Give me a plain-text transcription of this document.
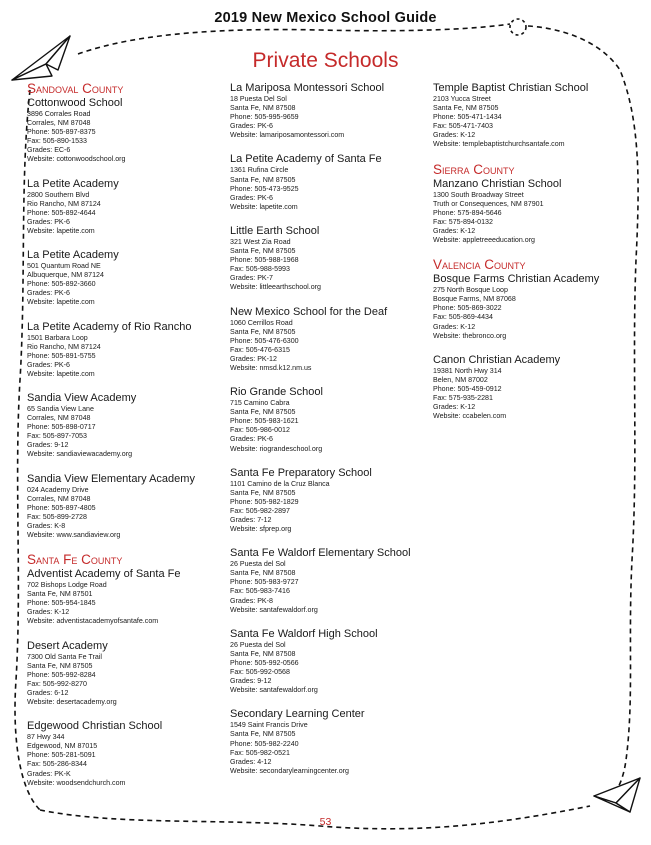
2019 New Mexico School Guide
Private Schools
Sandoval County
Cottonwood School
3896 Corrales Road
Corrales, NM 87048
Phone: 505-897-8375
Fax: 505-890-1533
Grades: EC-6
Website: cottonwoodschool.org
La Petite Academy
2800 Southern Blvd
Rio Rancho, NM 87124
Phone: 505-892-4644
Grades: PK-6
Website: lapetite.com
La Petite Academy
501 Quantum Road NE
Albuquerque, NM 87124
Phone: 505-892-3660
Grades: PK-6
Website: lapetite.com
La Petite Academy of Rio Rancho
1501 Barbara Loop
Rio Rancho, NM 87124
Phone: 505-891-5755
Grades: PK-6
Website: lapetite.com
Sandia View Academy
65 Sandia View Lane
Corrales, NM 87048
Phone: 505-898-0717
Fax: 505-897-7053
Grades: 9-12
Website: sandiaviewacademy.org
Sandia View Elementary Academy
024 Academy Drive
Corrales, NM 87048
Phone: 505-897-4805
Fax: 505-899-2728
Grades: K-8
Website: www.sandiaview.org
Santa Fe County
Adventist Academy of Santa Fe
702 Bishops Lodge Road
Santa Fe, NM 87501
Phone: 505-954-1845
Grades: K-12
Website: adventistacademyofsantafe.com
Desert Academy
7300 Old Santa Fe Trail
Santa Fe, NM 87505
Phone: 505-992-8284
Fax: 505-992-8270
Grades: 6-12
Website: desertacademy.org
Edgewood Christian School
87 Hwy 344
Edgewood, NM 87015
Phone: 505-281-5091
Fax: 505-286-8344
Grades: PK-K
Website: woodsendchurch.com
La Mariposa Montessori School
18 Puesta Del Sol
Santa Fe, NM 87508
Phone: 505-995-9659
Grades: PK-6
Website: lamariposamontessori.com
La Petite Academy of Santa Fe
1361 Rufina Circle
Santa Fe, NM 87505
Phone: 505-473-9525
Grades: PK-6
Website: lapetite.com
Little Earth School
321 West Zia Road
Santa Fe, NM 87505
Phone: 505-988-1968
Fax: 505-988-5993
Grades: PK-7
Website: littleearthschool.org
New Mexico School for the Deaf
1060 Cerrillos Road
Santa Fe, NM 87505
Phone: 505-476-6300
Fax: 505-476-6315
Grades: PK-12
Website: nmsd.k12.nm.us
Rio Grande School
715 Camino Cabra
Santa Fe, NM 87505
Phone: 505-983-1621
Fax: 505-986-0012
Grades: PK-6
Website: riograndeschool.org
Santa Fe Preparatory School
1101 Camino de la Cruz Blanca
Santa Fe, NM 87505
Phone: 505-982-1829
Fax: 505-982-2897
Grades: 7-12
Website: sfprep.org
Santa Fe Waldorf Elementary School
26 Puesta del Sol
Santa Fe, NM 87508
Phone: 505-983-9727
Fax: 505-983-7416
Grades: PK-8
Website: santafewaldorf.org
Santa Fe Waldorf High School
26 Puesta del Sol
Santa Fe, NM 87508
Phone: 505-992-0566
Fax: 505-992-0568
Grades: 9-12
Website: santafewaldorf.org
Secondary Learning Center
1549 Saint Francis Drive
Santa Fe, NM 87505
Phone: 505-982-2240
Fax: 505-982-0521
Grades: 4-12
Website: secondarylearningcenter.org
Temple Baptist Christian School
2103 Yucca Street
Santa Fe, NM 87505
Phone: 505-471-1434
Fax: 505-471-7403
Grades: K-12
Website: templebaptistchurchsantafe.com
Sierra County
Manzano Christian School
1300 South Broadway Street
Truth or Consequences, NM 87901
Phone: 575-894-5646
Fax: 575-894-0132
Grades: K-12
Website: appletreeeducation.org
Valencia County
Bosque Farms Christian Academy
275 North Bosque Loop
Bosque Farms, NM 87068
Phone: 505-869-3022
Fax: 505-869-4434
Grades: K-12
Website: thebronco.org
Canon Christian Academy
19381 North Hwy 314
Belen, NM 87002
Phone: 505-459-0912
Fax: 575-935-2281
Grades: K-12
Website: ccabelen.com
53
